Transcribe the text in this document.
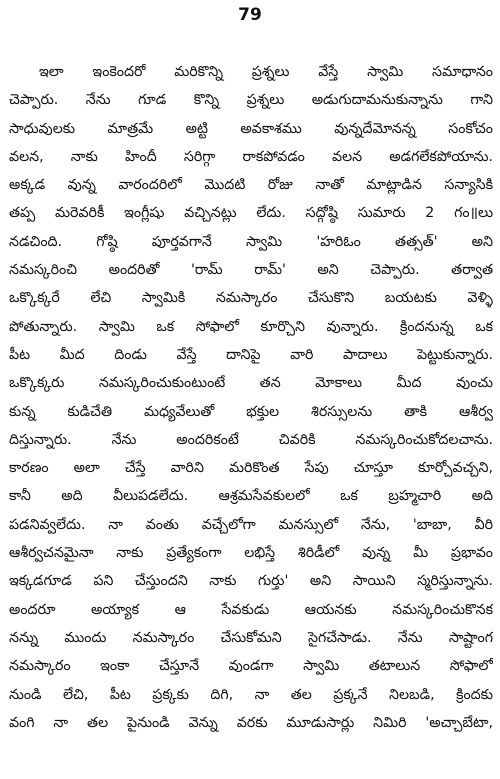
79
ఇలా ఇంకెందరో మరికొన్ని ప్రశ్నలు వేస్తే స్వామి సమాధానం
చెప్పారు. నేను గూడ కొన్ని ప్రశ్నలు అడుగుదామనుకున్నాను గాని
సాధువులకు మాత్రమే అట్టి అవకాశము వున్నదేమోనన్న సంకోచం
వలన, నాకు హిందీ సరిగ్గా రాకపోవడం వలన అడగలేకపోయాను.
అక్కడ వున్న వారందరిలో మొదటి రోజు నాతో మాట్లాడిన సన్యాసికి
తప్ప మరెవరికీ ఇంగ్లీషు వచ్చినట్లు లేదు. సద్గోష్ఠి సుమారు 2 గం॥లు
నడచింది. గోష్ఠి పూర్తవగానే స్వామి 'హరిఓం తత్సత్' అని
నమస్కరించి అందరితో 'రామ్ రామ్' అని చెప్పారు. తర్వాత
ఒక్కొక్కరే లేచి స్వామికి నమస్కారం చేసుకొని బయటకు వెళ్ళి
పోతున్నారు. స్వామి ఒక సోఫాలో కూర్చొని వున్నారు. క్రిందనున్న ఒక
పీట మీద దిండు వేస్తే దానిపై వారి పాదాలు పెట్టుకున్నారు.
ఒక్కొక్కరు నమస్కరించుకుంటుంటే తన మోకాలు మీద వుంచు
కున్న కుడిచేతి మధ్యవేలుతో భక్తుల శిరస్సులను తాకి ఆశీర్వ
దిస్తున్నారు. నేను అందరికంటే చివరికి నమస్కరించుకోదలచాను.
కారణం అలా చేస్తే వారిని మరికొంత సేపు చూస్తూ కూర్చోవచ్చని,
కానీ అది వీలుపడలేదు. ఆశ్రమసేవకులలో ఒక బ్రహ్మచారి అది
పడనివ్వలేదు. నా వంతు వచ్చేలోగా మనస్సులో నేను, 'బాబా, వీరి
ఆశీర్వచనమైనా నాకు ప్రత్యేకంగా లభిస్తే శిరిడీలో వున్న మీ ప్రభావం
ఇక్కడగూడ పని చేస్తుందని నాకు గుర్తు' అని సాయిని స్మరిస్తున్నాను.
అందరూ అయ్యాక ఆ సేవకుడు ఆయనకు నమస్కరించుకొనక
నన్ను ముందు నమస్కారం చేసుకోమని సైగచేసాడు. నేను సాష్టాంగ
నమస్కారం ఇంకా చేస్తూనే వుండగా స్వామి తటాలున సోఫాలో
నుండి లేచి, పీట ప్రక్కకు దిగి, నా తల ప్రక్కనే నిలబడి, క్రిందకు
వంగి నా తల పైనుండి వెన్ను వరకు మూడుసార్లు నిమిరి 'అచ్చాబేటా,
